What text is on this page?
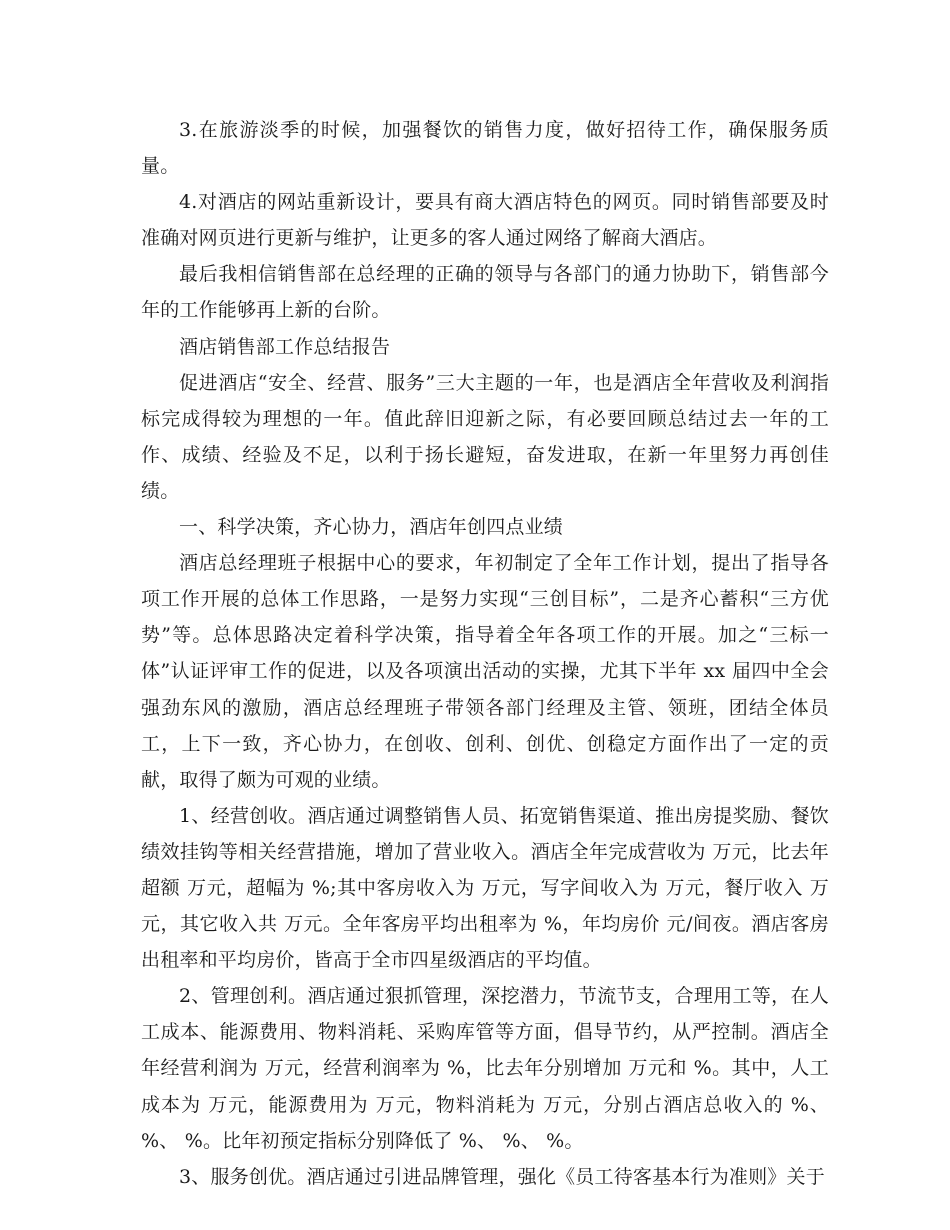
3.在旅游淡季的时候，加强餐饮的销售力度，做好招待工作，确保服务质量。

4.对酒店的网站重新设计，要具有商大酒店特色的网页。同时销售部要及时准确对网页进行更新与维护，让更多的客人通过网络了解商大酒店。

最后我相信销售部在总经理的正确的领导与各部门的通力协助下，销售部今年的工作能够再上新的台阶。

酒店销售部工作总结报告

促进酒店“安全、经营、服务”三大主题的一年，也是酒店全年营收及利润指标完成得较为理想的一年。值此辞旧迎新之际，有必要回顾总结过去一年的工作、成绩、经验及不足，以利于扬长避短，奋发进取，在新一年里努力再创佳绩。

一、科学决策，齐心协力，酒店年创四点业绩

酒店总经理班子根据中心的要求，年初制定了全年工作计划，提出了指导各项工作开展的总体工作思路，一是努力实现“三创目标”，二是齐心蓄积“三方优势”等。总体思路决定着科学决策，指导着全年各项工作的开展。加之“三标一体”认证评审工作的促进，以及各项演出活动的实操，尤其下半年 xx 届四中全会强劲东风的激励，酒店总经理班子带领各部门经理及主管、领班，团结全体员工，上下一致，齐心协力，在创收、创利、创优、创稳定方面作出了一定的贡献，取得了颇为可观的业绩。

1、经营创收。酒店通过调整销售人员、拓宽销售渠道、推出房提奖励、餐饮绩效挂钩等相关经营措施，增加了营业收入。酒店全年完成营收为 万元，比去年超额 万元，超幅为 %;其中客房收入为 万元，写字间收入为 万元，餐厅收入 万元，其它收入共 万元。全年客房平均出租率为 %，年均房价 元/间夜。酒店客房出租率和平均房价，皆高于全市四星级酒店的平均值。

2、管理创利。酒店通过狠抓管理，深挖潜力，节流节支，合理用工等，在人工成本、能源费用、物料消耗、采购库管等方面，倡导节约，从严控制。酒店全年经营利润为 万元，经营利润率为 %，比去年分别增加 万元和 %。其中，人工成本为 万元，能源费用为 万元，物料消耗为 万元，分别占酒店总收入的 %、 %、 %。比年初预定指标分别降低了 %、 %、 %。

3、服务创优。酒店通过引进品牌管理，强化《员工待客基本行为准则》关于
